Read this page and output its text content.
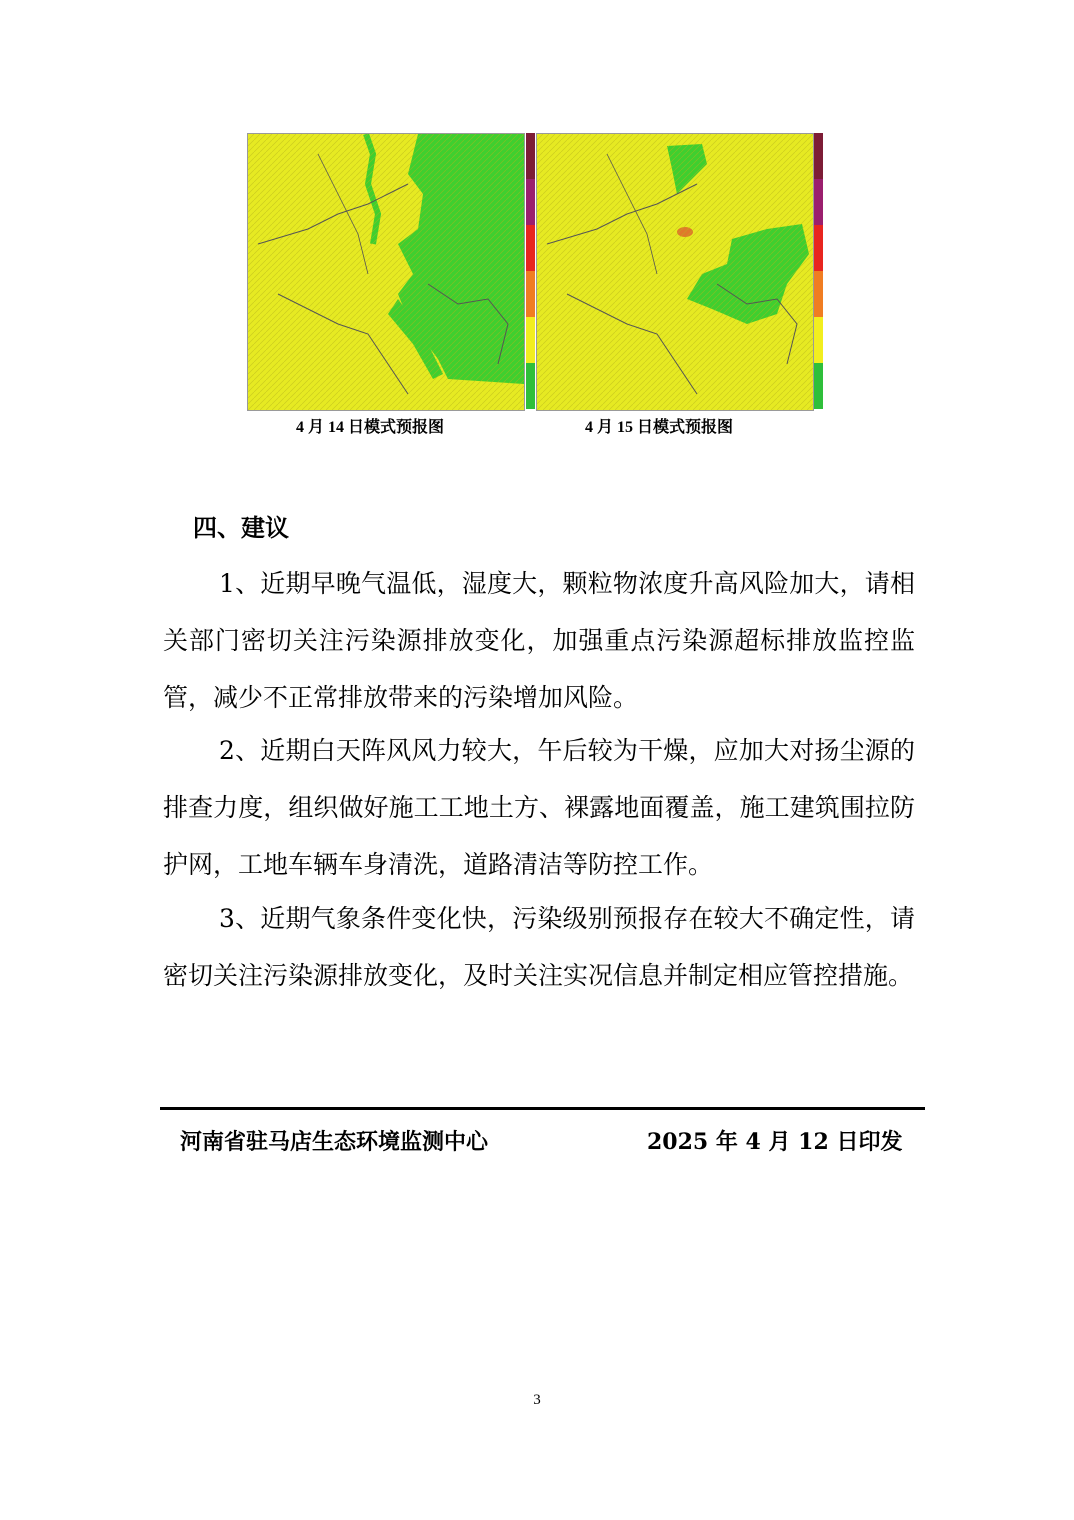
4 月 14 日模式预报图	4 月 15 日模式预报图
四、建议

1、近期早晚气温低，湿度大，颗粒物浓度升高风险加大，请相关部门密切关注污染源排放变化，加强重点污染源超标排放监控监管，减少不正常排放带来的污染增加风险。

2、近期白天阵风风力较大，午后较为干燥，应加大对扬尘源的排查力度，组织做好施工工地土方、裸露地面覆盖，施工建筑围拉防护网，工地车辆车身清洗，道路清洁等防控工作。

3、近期气象条件变化快，污染级别预报存在较大不确定性，请密切关注污染源排放变化，及时关注实况信息并制定相应管控措施。

河南省驻马店生态环境监测中心	2025 年 4 月 12 日印发
3
